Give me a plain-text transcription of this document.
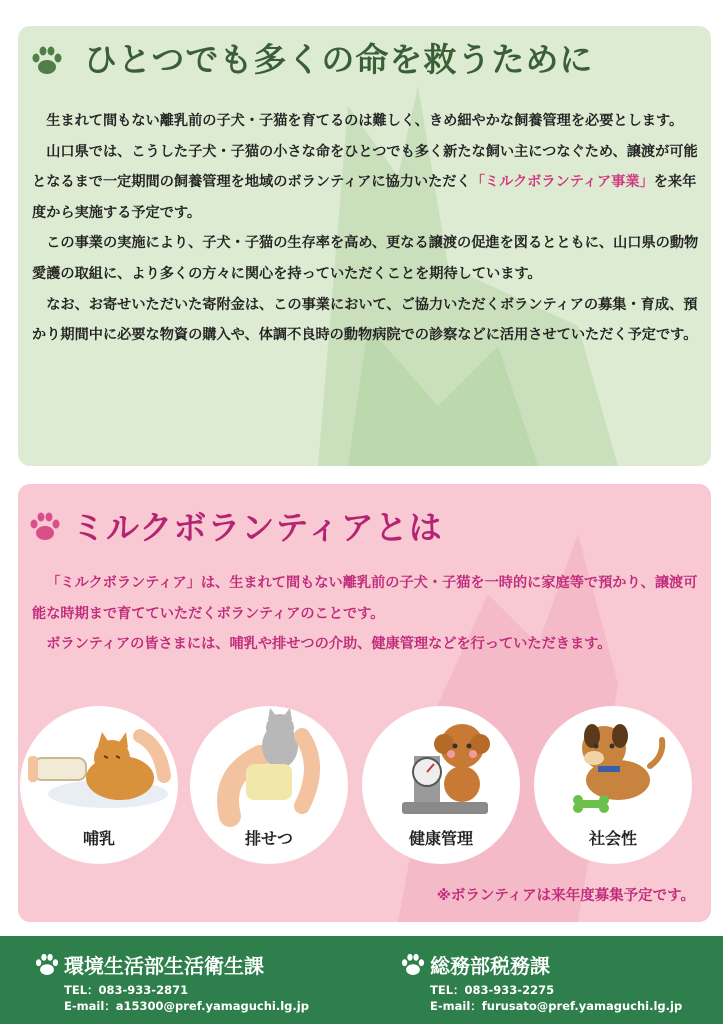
ひとつでも多くの命を救うために

生まれて間もない離乳前の子犬・子猫を育てるのは難しく、きめ細やかな飼養管理を必要とします。

山口県では、こうした子犬・子猫の小さな命をひとつでも多く新たな飼い主につなぐため、譲渡が可能となるまで一定期間の飼養管理を地域のボランティアに協力いただく「ミルクボランティア事業」を来年度から実施する予定です。

この事業の実施により、子犬・子猫の生存率を高め、更なる譲渡の促進を図るとともに、山口県の動物愛護の取組に、より多くの方々に関心を持っていただくことを期待しています。

なお、お寄せいただいた寄附金は、この事業において、ご協力いただくボランティアの募集・育成、預かり期間中に必要な物資の購入や、体調不良時の動物病院での診察などに活用させていただく予定です。

ミルクボランティアとは

「ミルクボランティア」は、生まれて間もない離乳前の子犬・子猫を一時的に家庭等で預かり、譲渡可能な時期まで育てていただくボランティアのことです。

ボランティアの皆さまには、哺乳や排せつの介助、健康管理などを行っていただきます。

哺乳	排せつ	健康管理	社会性
※ボランティアは来年度募集予定です。
環境生活部生活衛生課
TEL：083-933-2871
E-mail：a15300@pref.yamaguchi.lg.jp
総務部税務課
TEL：083-933-2275
E-mail：furusato@pref.yamaguchi.lg.jp
